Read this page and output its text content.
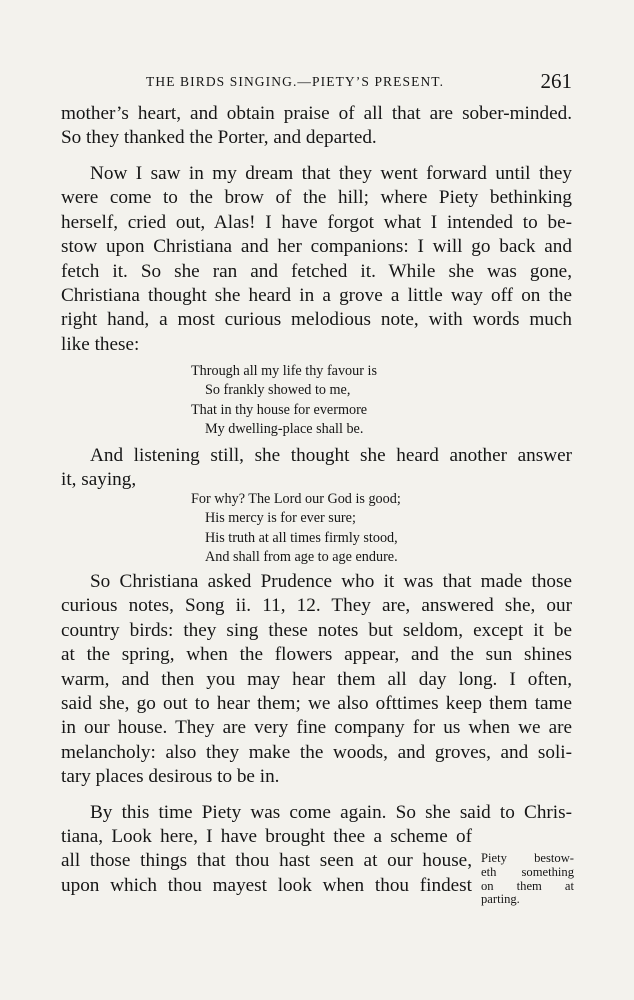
THE BIRDS SINGING.—PIETY’S PRESENT.	261
mother’s heart, and obtain praise of all that are sober-minded.
So they thanked the Porter, and departed.
Now I saw in my dream that they went forward until they
were come to the brow of the hill; where Piety bethinking
herself, cried out, Alas! I have forgot what I intended to be-
stow upon Christiana and her companions: I will go back and
fetch it. So she ran and fetched it. While she was gone,
Christiana thought she heard in a grove a little way off on the
right hand, a most curious melodious note, with words much
like these:
Through all my life thy favour is
So frankly showed to me,
That in thy house for evermore
My dwelling-place shall be.
And listening still, she thought she heard another answer
it, saying,
For why? The Lord our God is good;
His mercy is for ever sure;
His truth at all times firmly stood,
And shall from age to age endure.
So Christiana asked Prudence who it was that made those
curious notes, Song ii. 11, 12. They are, answered she, our
country birds: they sing these notes but seldom, except it be
at the spring, when the flowers appear, and the sun shines
warm, and then you may hear them all day long. I often,
said she, go out to hear them; we also ofttimes keep them tame
in our house. They are very fine company for us when we are
melancholy: also they make the woods, and groves, and soli-
tary places desirous to be in.
By this time Piety was come again. So she said to Chris-
tiana, Look here, I have brought thee a scheme of
all those things that thou hast seen at our house,
upon which thou mayest look when thou findest
Piety bestow-
eth something
on them at
parting.
